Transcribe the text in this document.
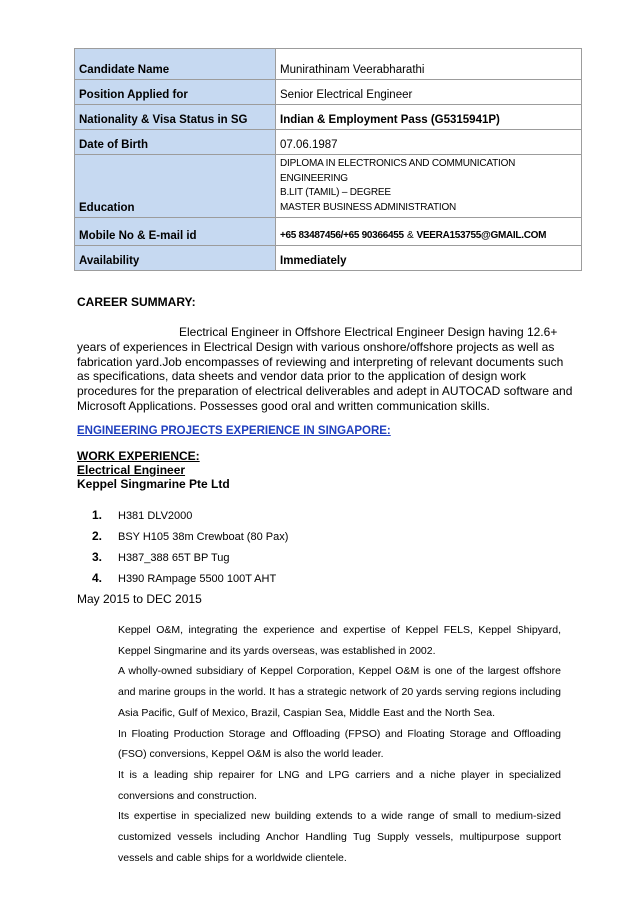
Candidate Name	Munirathinam Veerabharathi
Position Applied for	Senior Electrical Engineer
Nationality & Visa Status in SG	Indian & Employment Pass (G5315941P)
Date of Birth	07.06.1987
Education	DIPLOMA IN ELECTRONICS AND COMMUNICATION
ENGINEERING
B.LIT (TAMIL) – DEGREE
MASTER BUSINESS ADMINISTRATION

Mobile No & E-mail id	+65 83487456/+65 90366455 & VEERA153755@GMAIL.COM
Availability	Immediately
CAREER SUMMARY:
Electrical Engineer in Offshore Electrical Engineer Design having 12.6+ years of experiences in Electrical Design with various onshore/offshore projects as well as fabrication yard.Job encompasses of reviewing and interpreting of relevant documents such as specifications, data sheets and vendor data prior to the application of design work procedures for the preparation of electrical deliverables and adept in AUTOCAD software and Microsoft Applications. Possesses good oral and written communication skills.
ENGINEERING PROJECTS EXPERIENCE IN SINGAPORE:
WORK EXPERIENCE:
Electrical Engineer
Keppel Singmarine Pte Ltd
1. H381 DLV2000
2. BSY H105 38m Crewboat (80 Pax)
3. H387_388 65T BP Tug
4. H390 RAmpage 5500 100T AHT
May 2015 to DEC 2015

Keppel O&M, integrating the experience and expertise of Keppel FELS, Keppel Shipyard, Keppel Singmarine and its yards overseas, was established in 2002.

A wholly-owned subsidiary of Keppel Corporation, Keppel O&M is one of the largest offshore and marine groups in the world. It has a strategic network of 20 yards serving regions including Asia Pacific, Gulf of Mexico, Brazil, Caspian Sea, Middle East and the North Sea.

In Floating Production Storage and Offloading (FPSO) and Floating Storage and Offloading (FSO) conversions, Keppel O&M is also the world leader.

It is a leading ship repairer for LNG and LPG carriers and a niche player in specialized conversions and construction.

Its expertise in specialized new building extends to a wide range of small to medium-sized customized vessels including Anchor Handling Tug Supply vessels, multipurpose support vessels and cable ships for a worldwide clientele.
